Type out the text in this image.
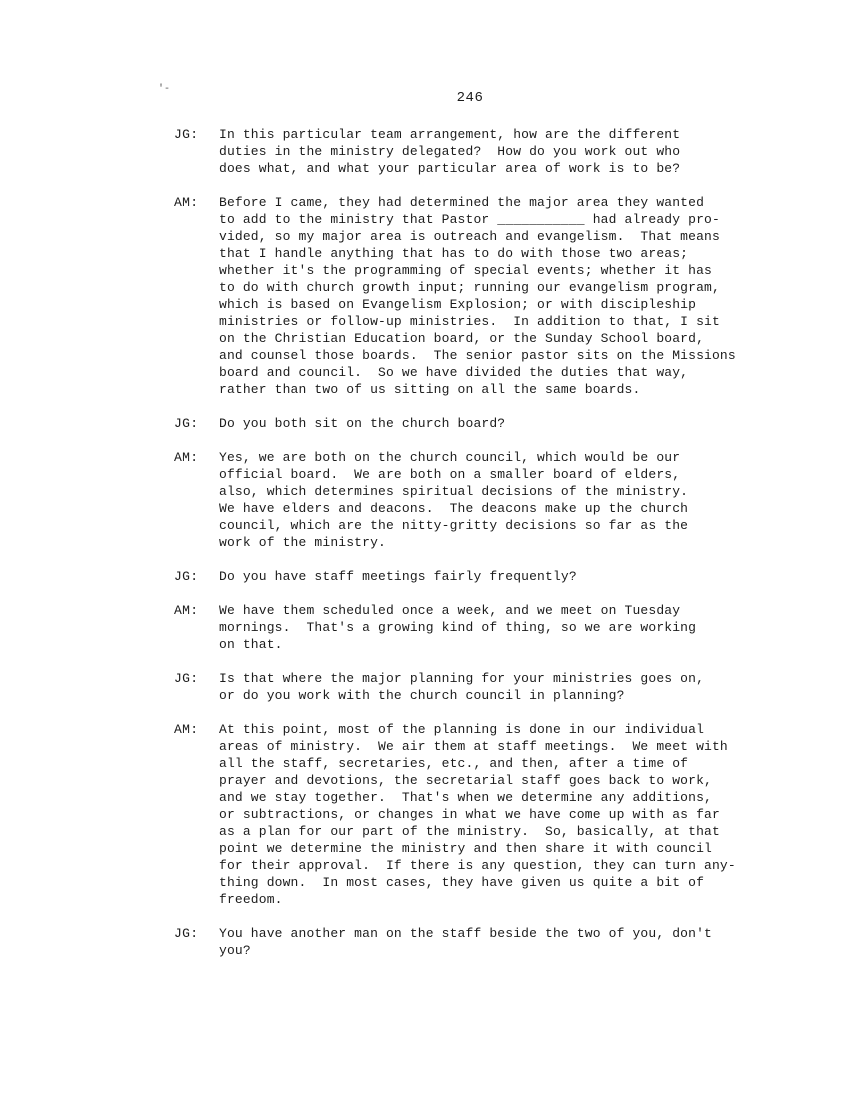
'-
246
JG:	In this particular team arrangement, how are the different
duties in the ministry delegated?  How do you work out who
does what, and what your particular area of work is to be?
AM:	Before I came, they had determined the major area they wanted
to add to the ministry that Pastor ___________ had already pro-
vided, so my major area is outreach and evangelism.  That means
that I handle anything that has to do with those two areas;
whether it's the programming of special events; whether it has
to do with church growth input; running our evangelism program,
which is based on Evangelism Explosion; or with discipleship
ministries or follow-up ministries.  In addition to that, I sit
on the Christian Education board, or the Sunday School board,
and counsel those boards.  The senior pastor sits on the Missions
board and council.  So we have divided the duties that way,
rather than two of us sitting on all the same boards.
JG:	Do you both sit on the church board?
AM:	Yes, we are both on the church council, which would be our
official board.  We are both on a smaller board of elders,
also, which determines spiritual decisions of the ministry.
We have elders and deacons.  The deacons make up the church
council, which are the nitty-gritty decisions so far as the
work of the ministry.
JG:	Do you have staff meetings fairly frequently?
AM:	We have them scheduled once a week, and we meet on Tuesday
mornings.  That's a growing kind of thing, so we are working
on that.
JG:	Is that where the major planning for your ministries goes on,
or do you work with the church council in planning?
AM:	At this point, most of the planning is done in our individual
areas of ministry.  We air them at staff meetings.  We meet with
all the staff, secretaries, etc., and then, after a time of
prayer and devotions, the secretarial staff goes back to work,
and we stay together.  That's when we determine any additions,
or subtractions, or changes in what we have come up with as far
as a plan for our part of the ministry.  So, basically, at that
point we determine the ministry and then share it with council
for their approval.  If there is any question, they can turn any-
thing down.  In most cases, they have given us quite a bit of
freedom.
JG:	You have another man on the staff beside the two of you, don't
you?
